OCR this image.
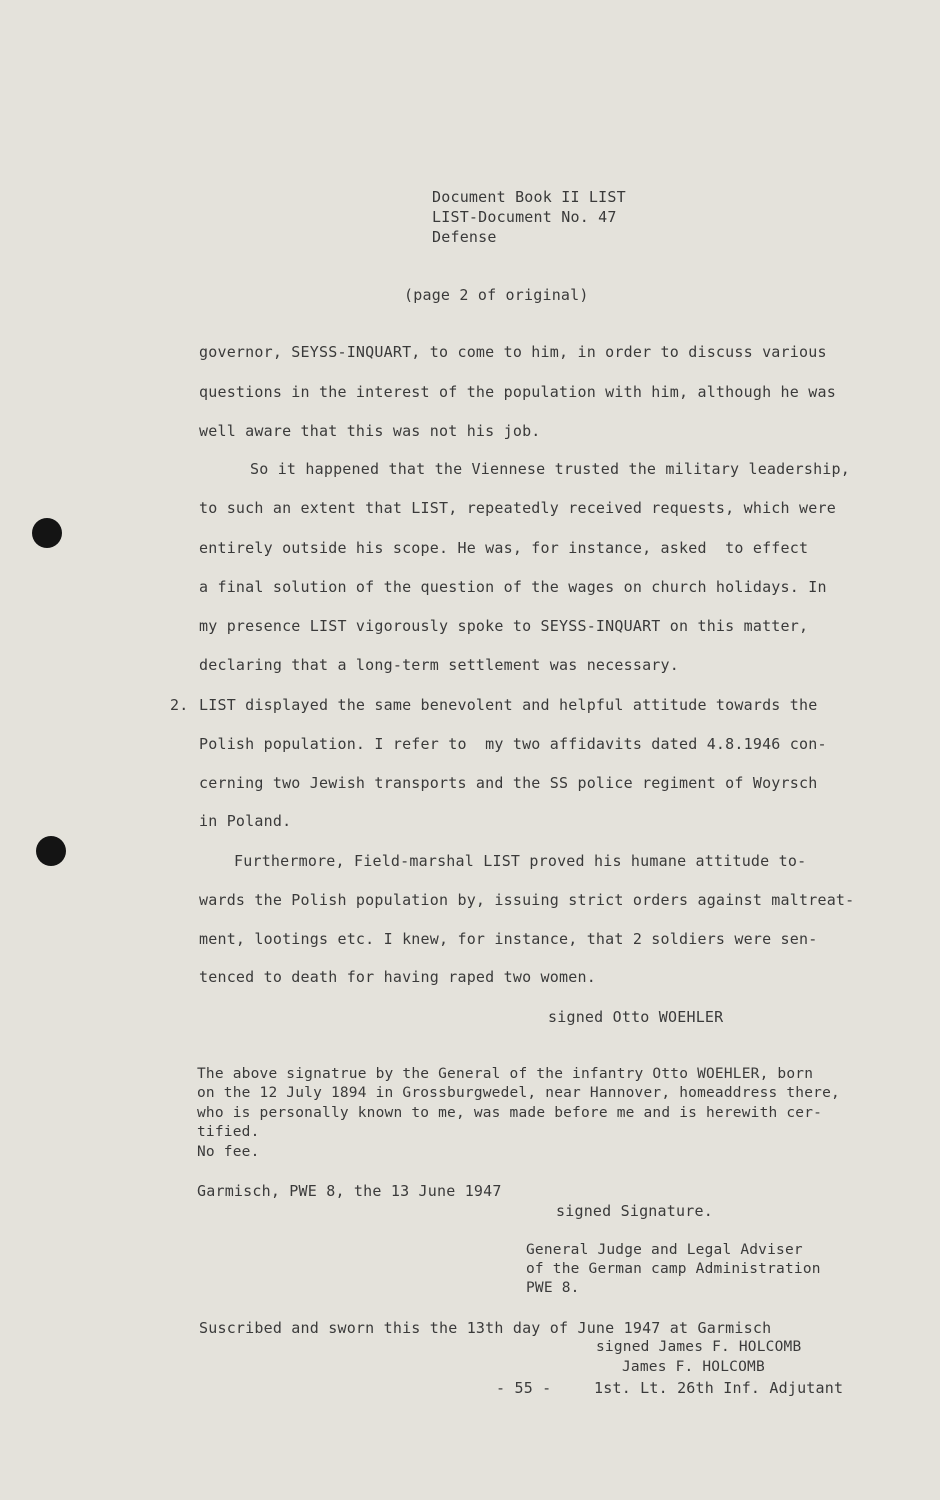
Document Book II LIST
LIST-Document No. 47
Defense
(page 2 of original)
governor, SEYSS-INQUART, to come to him, in order to discuss various
questions in the interest of the population with him, although he was
well aware that this was not his job.
So it happened that the Viennese trusted the military leadership,
to such an extent that LIST, repeatedly received requests, which were
entirely outside his scope. He was, for instance, asked  to effect
a final solution of the question of the wages on church holidays. In
my presence LIST vigorously spoke to SEYSS-INQUART on this matter,
declaring that a long-term settlement was necessary.
2. LIST displayed the same benevolent and helpful attitude towards the
Polish population. I refer to  my two affidavits dated 4.8.1946 con-
cerning two Jewish transports and the SS police regiment of Woyrsch
in Poland.
Furthermore, Field-marshal LIST proved his humane attitude to-
wards the Polish population by, issuing strict orders against maltreat-
ment, lootings etc. I knew, for instance, that 2 soldiers were sen-
tenced to death for having raped two women.
signed Otto WOEHLER
The above signatrue by the General of the infantry Otto WOEHLER, born
on the 12 July 1894 in Grossburgwedel, near Hannover, homeaddress there,
who is personally known to me, was made before me and is herewith cer-
tified.
No fee.
Garmisch, PWE 8, the 13 June 1947
signed Signature.
General Judge and Legal Adviser
of the German camp Administration
PWE 8.
Suscribed and sworn this the 13th day of June 1947 at Garmisch
signed James F. HOLCOMB
James F. HOLCOMB
- 55 -	1st. Lt. 26th Inf. Adjutant
